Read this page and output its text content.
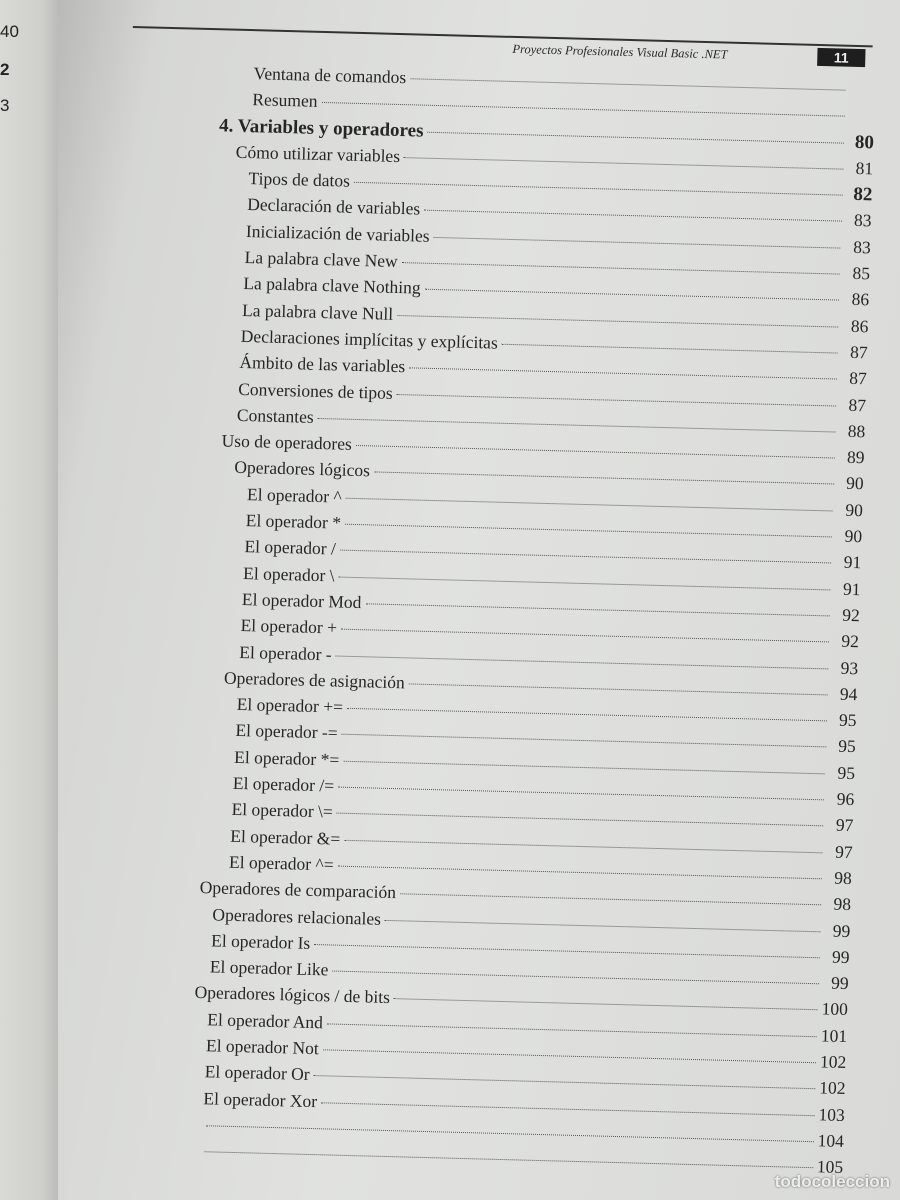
40
2
3
Proyectos Profesionales Visual Basic .NET	11
Ventana de comandos
Resumen
4. Variables y operadores
80
Cómo utilizar variables
81
Tipos de datos
82
Declaración de variables
83
Inicialización de variables
83
La palabra clave New
85
La palabra clave Nothing
86
La palabra clave Null
86
Declaraciones implícitas y explícitas	87
Ámbito de las variables
87
Conversiones de tipos
87
Constantes
88
Uso de operadores
89
Operadores lógicos
90
El operador ^
90
El operador *
90
El operador /
91
El operador \
91
El operador Mod
92
El operador +
92
El operador -
93
Operadores de asignación
94
El operador +=
95
El operador -=
95
El operador *=
95
El operador /=
96
El operador \=
97
El operador &=
97
El operador ^=
98
Operadores de comparación
98
Operadores relacionales
99
El operador Is
99
El operador Like
99
Operadores lógicos / de bits
100
El operador And
101
El operador Not
102
El operador Or
102
El operador Xor
103
104
105
todocoleccion
